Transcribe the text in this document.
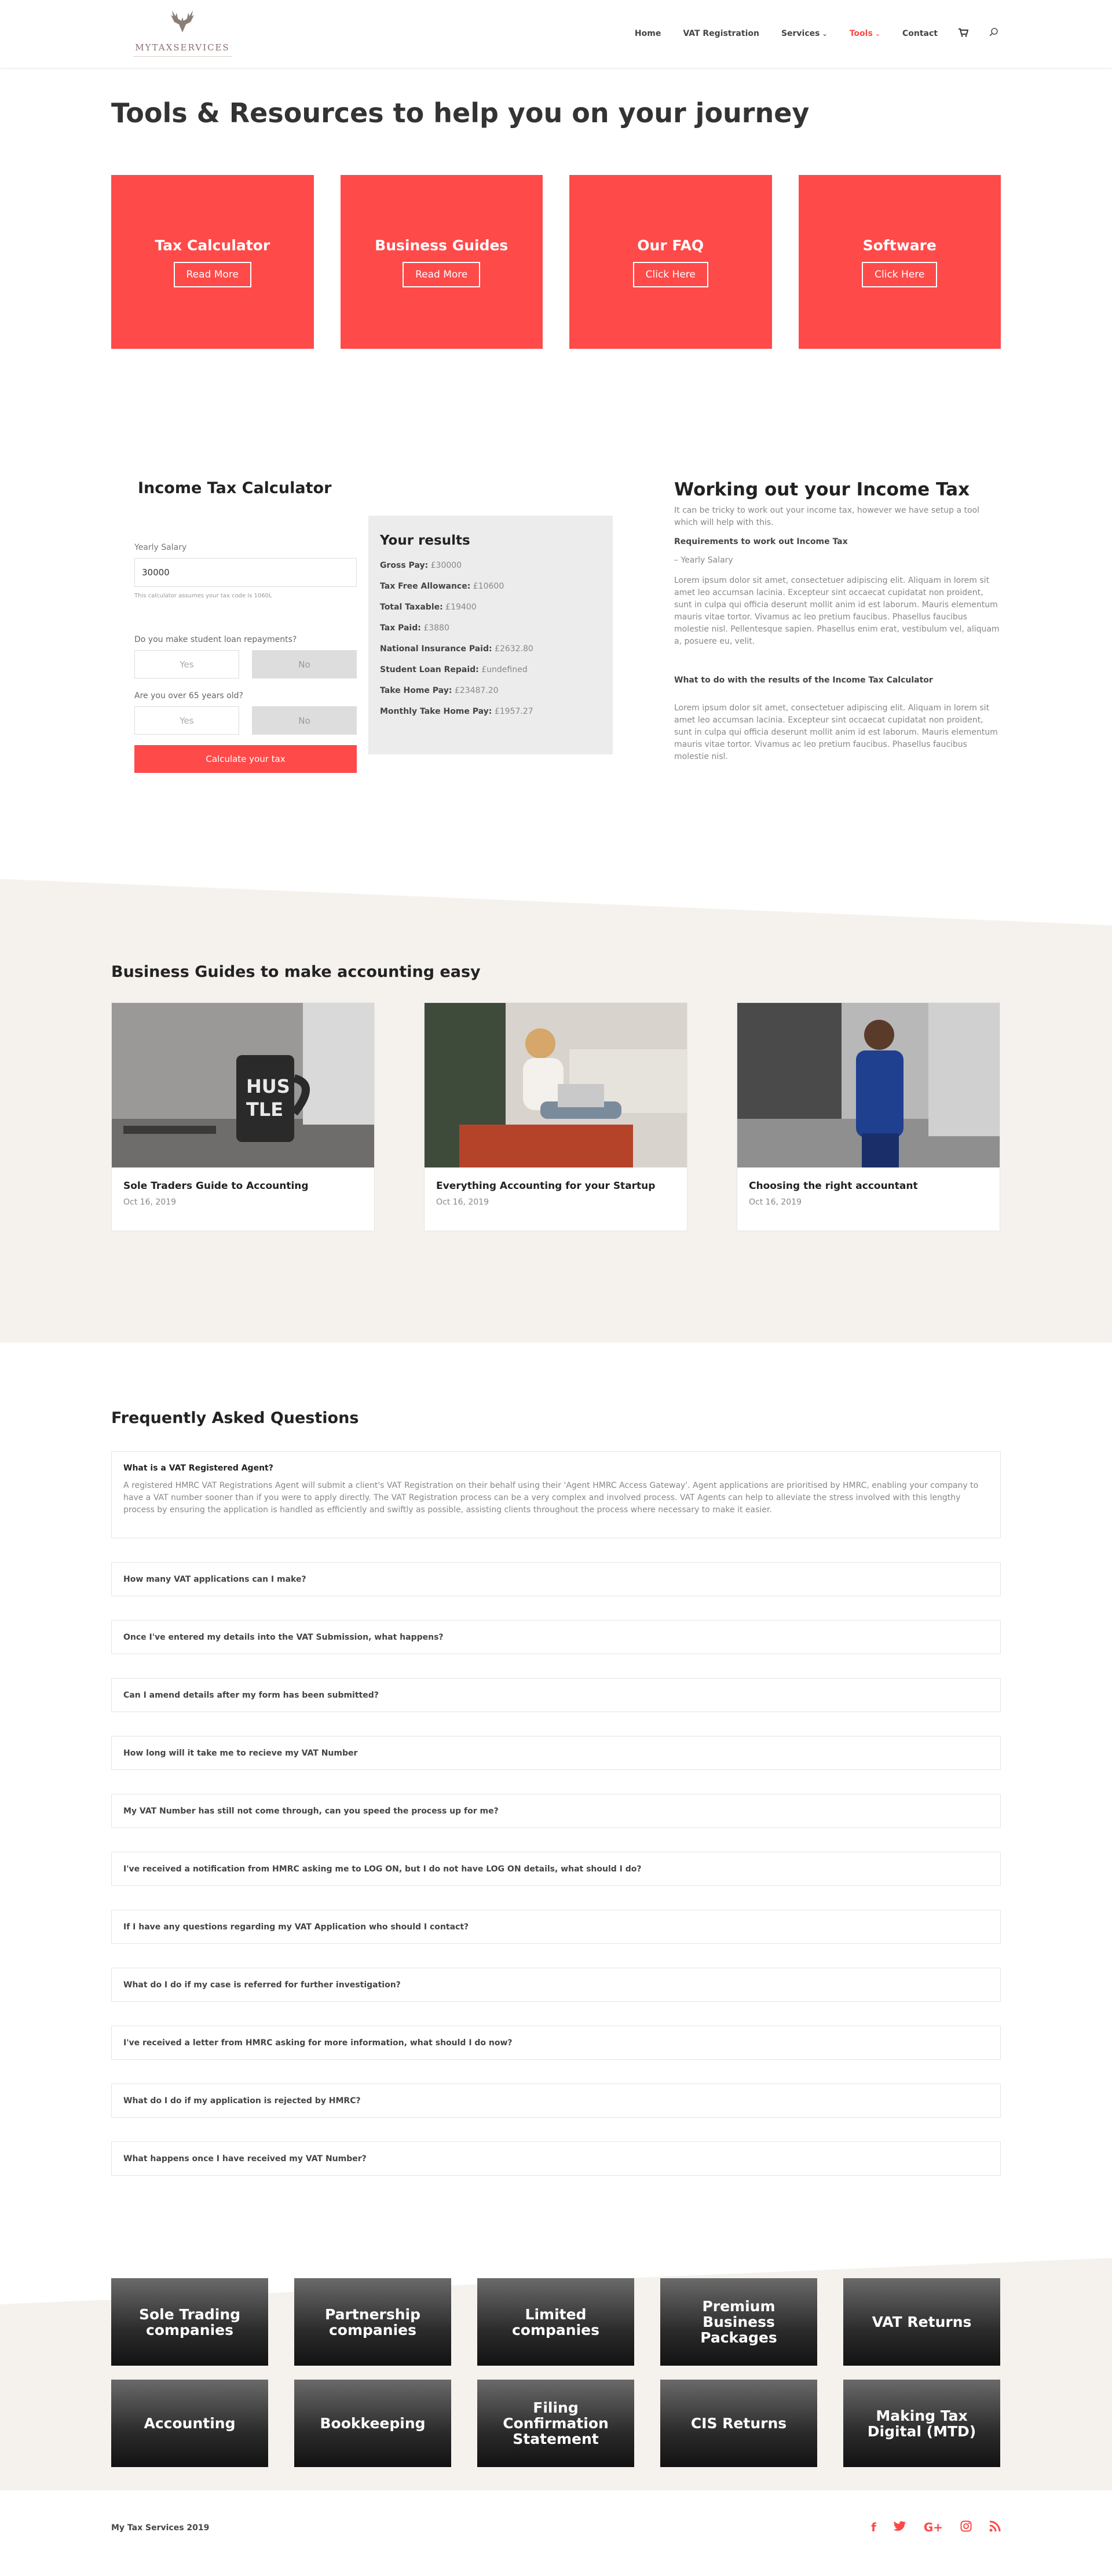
MYTAXSERVICES
Home	VAT Registration	Services ⌄	Tools ⌄	Contact
Tools & Resources to help you on your journey
Tax Calculator
Read More
Business Guides
Read More
Our FAQ
Click Here
Software
Click Here
Income Tax Calculator
Yearly Salary
30000
This calculator assumes your tax code is 1060L
Do you make student loan repayments?
Yes	No
Are you over 65 years old?
Yes	No
Calculate your tax
Your results
Gross Pay: £30000
Tax Free Allowance: £10600
Total Taxable: £19400
Tax Paid: £3880
National Insurance Paid: £2632.80
Student Loan Repaid: £undefined
Take Home Pay: £23487.20
Monthly Take Home Pay: £1957.27
Working out your Income Tax

It can be tricky to work out your income tax, however we have setup a tool which will help with this.

Requirements to work out Income Tax

– Yearly Salary

Lorem ipsum dolor sit amet, consectetuer adipiscing elit. Aliquam in lorem sit amet leo accumsan lacinia. Excepteur sint occaecat cupidatat non proident, sunt in culpa qui officia deserunt mollit anim id est laborum. Mauris elementum mauris vitae tortor. Vivamus ac leo pretium faucibus. Phasellus faucibus molestie nisl. Pellentesque sapien. Phasellus enim erat, vestibulum vel, aliquam a, posuere eu, velit.

What to do with the results of the Income Tax Calculator

Lorem ipsum dolor sit amet, consectetuer adipiscing elit. Aliquam in lorem sit amet leo accumsan lacinia. Excepteur sint occaecat cupidatat non proident, sunt in culpa qui officia deserunt mollit anim id est laborum. Mauris elementum mauris vitae tortor. Vivamus ac leo pretium faucibus. Phasellus faucibus molestie nisl.

Business Guides to make accounting easy
HUS
TLE
Sole Traders Guide to Accounting
Oct 16, 2019
Everything Accounting for your Startup
Oct 16, 2019
Choosing the right accountant
Oct 16, 2019
Frequently Asked Questions
What is a VAT Registered Agent?
A registered HMRC VAT Registrations Agent will submit a client's VAT Registration on their behalf using their 'Agent HMRC Access Gateway'. Agent applications are prioritised by HMRC, enabling your company to have a VAT number sooner than if you were to apply directly. The VAT Registration process can be a very complex and involved process. VAT Agents can help to alleviate the stress involved with this lengthy process by ensuring the application is handled as efficiently and swiftly as possible, assisting clients throughout the process where necessary to make it easier.
How many VAT applications can I make?
Once I've entered my details into the VAT Submission, what happens?
Can I amend details after my form has been submitted?
How long will it take me to recieve my VAT Number
My VAT Number has still not come through, can you speed the process up for me?
I've received a notification from HMRC asking me to LOG ON, but I do not have LOG ON details, what should I do?
If I have any questions regarding my VAT Application who should I contact?
What do I do if my case is referred for further investigation?
I've received a letter from HMRC asking for more information, what should I do now?
What do I do if my application is rejected by HMRC?
What happens once I have received my VAT Number?
Sole Trading companies
Partnership companies
Limited companies
Premium Business Packages
VAT Returns
Accounting	Bookkeeping
Filing Confirmation Statement
CIS Returns	Making Tax Digital (MTD)
My Tax Services 2019	f	G+
